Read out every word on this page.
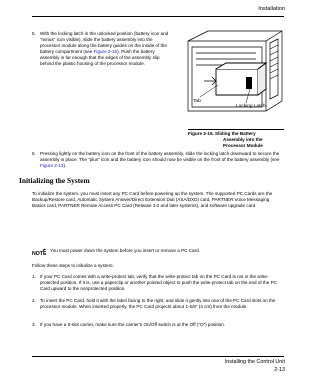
Installation
5. With the locking latch in the unlocked position (battery icon and “minus” icon visible), slide the battery assembly into the processor module along the battery guides on the inside of the battery compartment (see Figure 2-15). Push the battery assembly in far enough that the edges of the assembly slip behind the plastic housing of the processor module.
Tab
Locking Latch
Figure 2-15. Sliding the Battery
Assembly into the
Processor Module
6. Pressing lightly on the battery icon on the front of the battery assembly, slide the locking latch downward to secure the assembly in place. The “plus” icon and the battery icon should now be visible on the front of the battery assembly (see Figure 2-13).
Initializing the System
To initialize the system, you must insert any PC Card before powering up the system. The supported PC Cards are the Backup/Restore card, Automatic System Answer/Direct Extension Dial (ASA/DXD) card, PARTNER Voice Messaging Basics card, PARTNER Remote Access PC Card (Release 3.0 and later systems), and software upgrade card.
NOTE
You must power down the system before you insert or remove a PC Card.
Follow these steps to initialize a system:
1. If your PC Card comes with a write-protect tab, verify that the write-protect tab on the PC Card is not in the write-protected position. If it is, use a paperclip or another pointed object to push the write-protect tab on the end of the PC Card upward to the nonprotected position.
2. To insert the PC Card, hold it with the label facing to the right, and slide it gently into one of the PC Card slots on the processor module. When inserted properly, the PC Card projects about 1-5/8” (4 cm) from the module.
3. If you have a 5-slot carrier, make sure the carrier’s On/Off switch is at the Off (“O”) position.
Installing the Control Unit
2-13
